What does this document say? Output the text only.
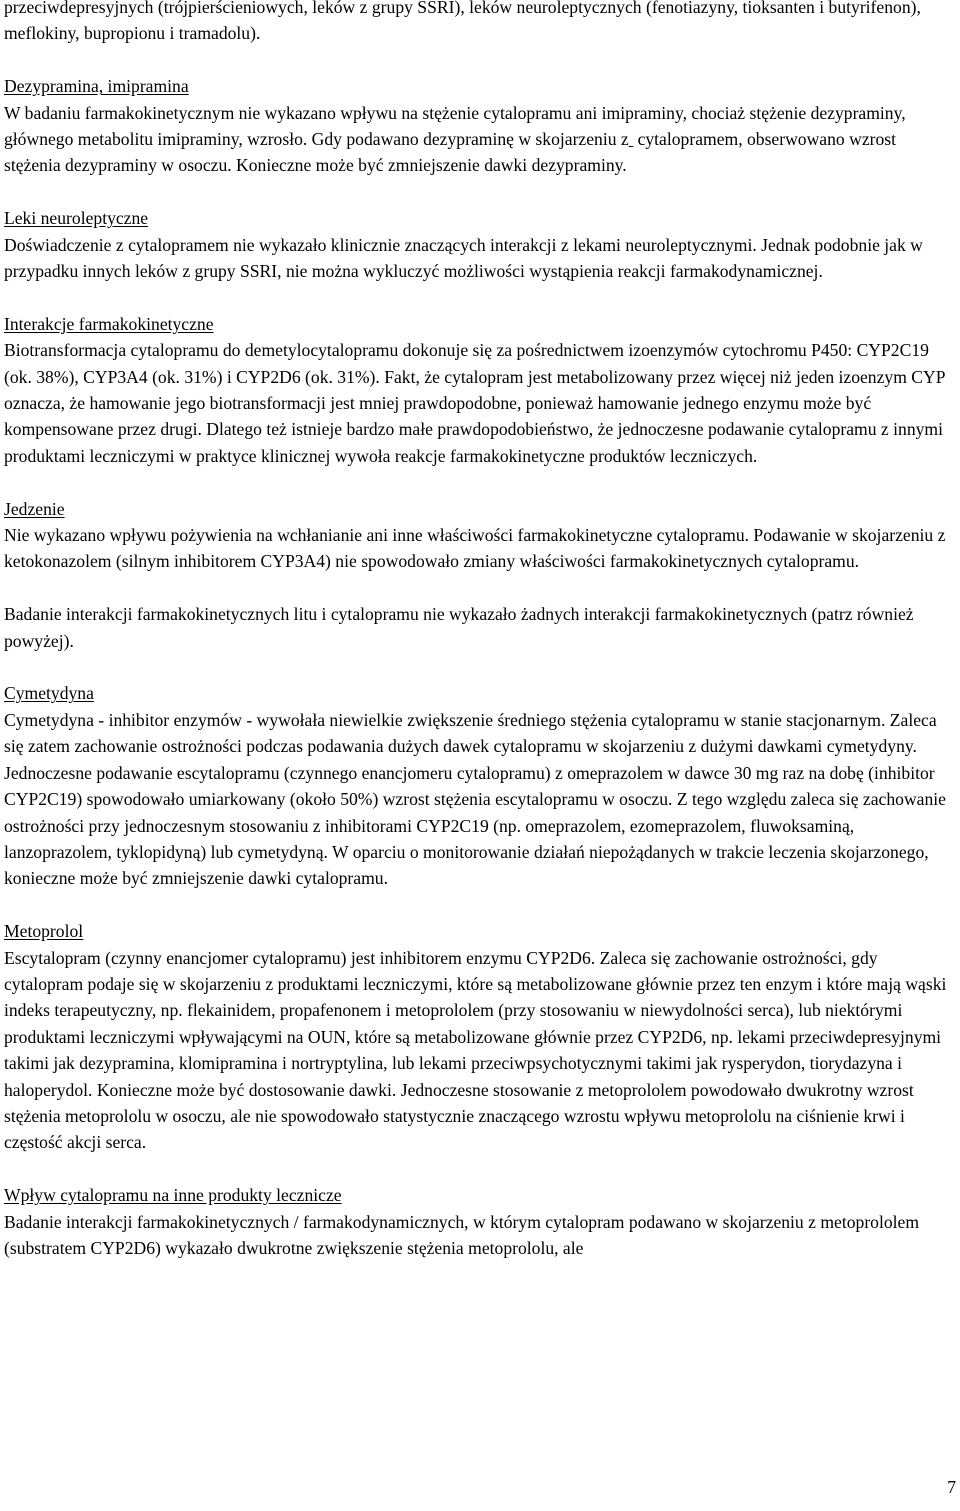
przeciwdepresyjnych (trójpierścieniowych, leków z grupy SSRI), leków neuroleptycznych (fenotiazyny, tioksanten i butyrifenon), meflokiny, bupropionu i tramadolu).

Dezypramina, imipramina

W badaniu farmakokinetycznym nie wykazano wpływu na stężenie cytalopramu ani imipraminy, chociaż stężenie dezypraminy, głównego metabolitu imipraminy, wzrosło. Gdy podawano dezypraminę w skojarzeniu z cytalopramem, obserwowano wzrost stężenia dezypraminy w osoczu. Konieczne może być zmniejszenie dawki dezypraminy.

Leki neuroleptyczne

Doświadczenie z cytalopramem nie wykazało klinicznie znaczących interakcji z lekami neuroleptycznymi. Jednak podobnie jak w przypadku innych leków z grupy SSRI, nie można wykluczyć możliwości wystąpienia reakcji farmakodynamicznej.

Interakcje farmakokinetyczne

Biotransformacja cytalopramu do demetylocytalopramu dokonuje się za pośrednictwem izoenzymów cytochromu P450: CYP2C19 (ok. 38%), CYP3A4 (ok. 31%) i CYP2D6 (ok. 31%). Fakt, że cytalopram jest metabolizowany przez więcej niż jeden izoenzym CYP oznacza, że hamowanie jego biotransformacji jest mniej prawdopodobne, ponieważ hamowanie jednego enzymu może być kompensowane przez drugi. Dlatego też istnieje bardzo małe prawdopodobieństwo, że jednoczesne podawanie cytalopramu z innymi produktami leczniczymi w praktyce klinicznej wywoła reakcje farmakokinetyczne produktów leczniczych.

Jedzenie

Nie wykazano wpływu pożywienia na wchłanianie ani inne właściwości farmakokinetyczne cytalopramu. Podawanie w skojarzeniu z ketokonazolem (silnym inhibitorem CYP3A4) nie spowodowało zmiany właściwości farmakokinetycznych cytalopramu.

Badanie interakcji farmakokinetycznych litu i cytalopramu nie wykazało żadnych interakcji farmakokinetycznych (patrz również powyżej).

Cymetydyna

Cymetydyna - inhibitor enzymów - wywołała niewielkie zwiększenie średniego stężenia cytalopramu w stanie stacjonarnym. Zaleca się zatem zachowanie ostrożności podczas podawania dużych dawek cytalopramu w skojarzeniu z dużymi dawkami cymetydyny. Jednoczesne podawanie escytalopramu (czynnego enancjomeru cytalopramu) z omeprazolem w dawce 30 mg raz na dobę (inhibitor CYP2C19) spowodowało umiarkowany (około 50%) wzrost stężenia escytalopramu w osoczu. Z tego względu zaleca się zachowanie ostrożności przy jednoczesnym stosowaniu z inhibitorami CYP2C19 (np. omeprazolem, ezomeprazolem, fluwoksaminą, lanzoprazolem, tyklopidyną) lub cymetydyną. W oparciu o monitorowanie działań niepożądanych w trakcie leczenia skojarzonego, konieczne może być zmniejszenie dawki cytalopramu.

Metoprolol

Escytalopram (czynny enancjomer cytalopramu) jest inhibitorem enzymu CYP2D6. Zaleca się zachowanie ostrożności, gdy cytalopram podaje się w skojarzeniu z produktami leczniczymi, które są metabolizowane głównie przez ten enzym i które mają wąski indeks terapeutyczny, np. flekainidem, propafenonem i metoprololem (przy stosowaniu w niewydolności serca), lub niektórymi produktami leczniczymi wpływającymi na OUN, które są metabolizowane głównie przez CYP2D6, np. lekami przeciwdepresyjnymi takimi jak dezypramina, klomipramina i nortryptylina, lub lekami przeciwpsychotycznymi takimi jak rysperydon, tiorydazyna i haloperydol. Konieczne może być dostosowanie dawki. Jednoczesne stosowanie z metoprololem powodowało dwukrotny wzrost stężenia metoprololu w osoczu, ale nie spowodowało statystycznie znaczącego wzrostu wpływu metoprololu na ciśnienie krwi i częstość akcji serca.

Wpływ cytalopramu na inne produkty lecznicze

Badanie interakcji farmakokinetycznych / farmakodynamicznych, w którym cytalopram podawano w skojarzeniu z metoprololem (substratem CYP2D6) wykazało dwukrotne zwiększenie stężenia metoprololu, ale

7
